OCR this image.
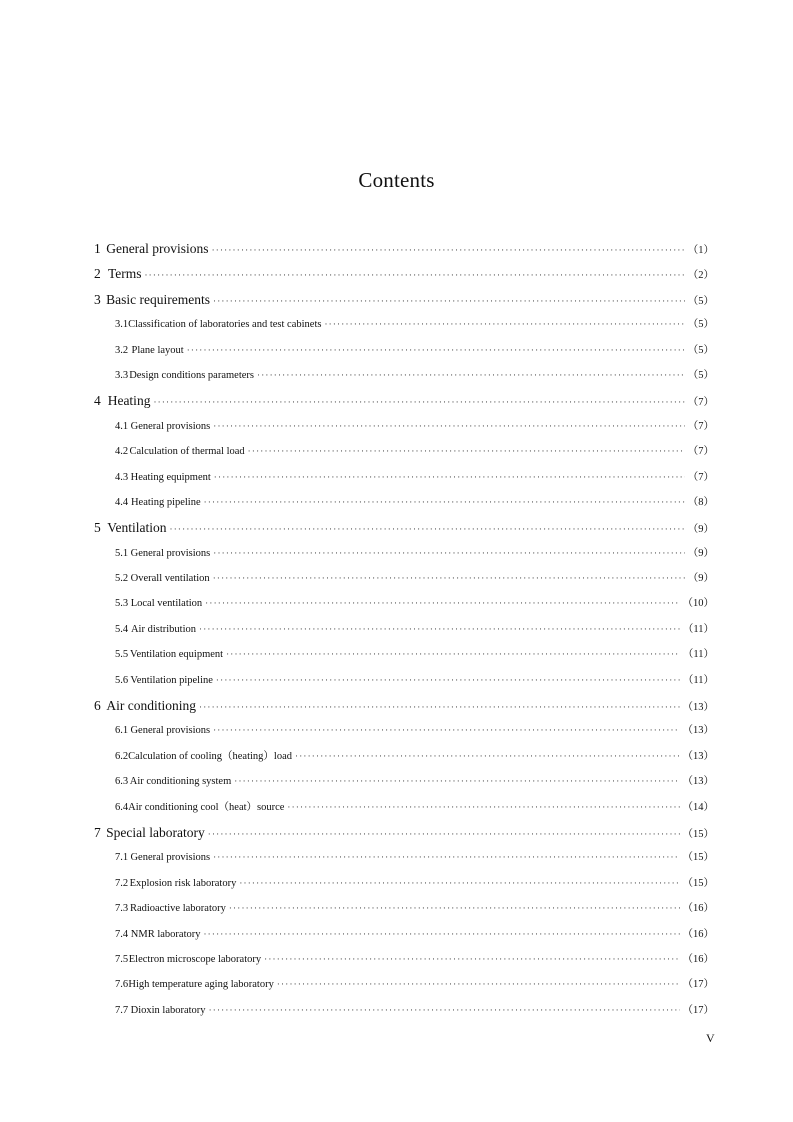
Contents
1 General provisions ·····	（1）
2 Terms ·····	（2）
3 Basic requirements ·····	（5）
3.1 Classification of laboratories and test cabinets ·····	（5）
3.2 Plane layout ·····	（5）
3.3 Design conditions parameters ·····	（5）
4 Heating ·····	（7）
4.1 General provisions ·····	（7）
4.2 Calculation of thermal load ·····	（7）
4.3 Heating equipment ·····	（7）
4.4 Heating pipeline ·····	（8）
5 Ventilation ·····	（9）
5.1 General provisions ·····	（9）
5.2 Overall ventilation ·····	（9）
5.3 Local ventilation ·····	（10）
5.4 Air distribution ·····	（11）
5.5 Ventilation equipment ·····	（11）
5.6 Ventilation pipeline ·····	（11）
6 Air conditioning ·····	（13）
6.1 General provisions ·····	（13）
6.2 Calculation of cooling（heating）load ·····	（13）
6.3 Air conditioning system ·····	（13）
6.4 Air conditioning cool（heat）source ·····	（14）
7 Special laboratory ·····	（15）
7.1 General provisions ·····	（15）
7.2 Explosion risk laboratory ·····	（15）
7.3 Radioactive laboratory ·····	（16）
7.4 NMR laboratory ·····	（16）
7.5 Electron microscope laboratory ·····	（16）
7.6 High temperature aging laboratory ·····	（17）
7.7 Dioxin laboratory ·····	（17）
V
